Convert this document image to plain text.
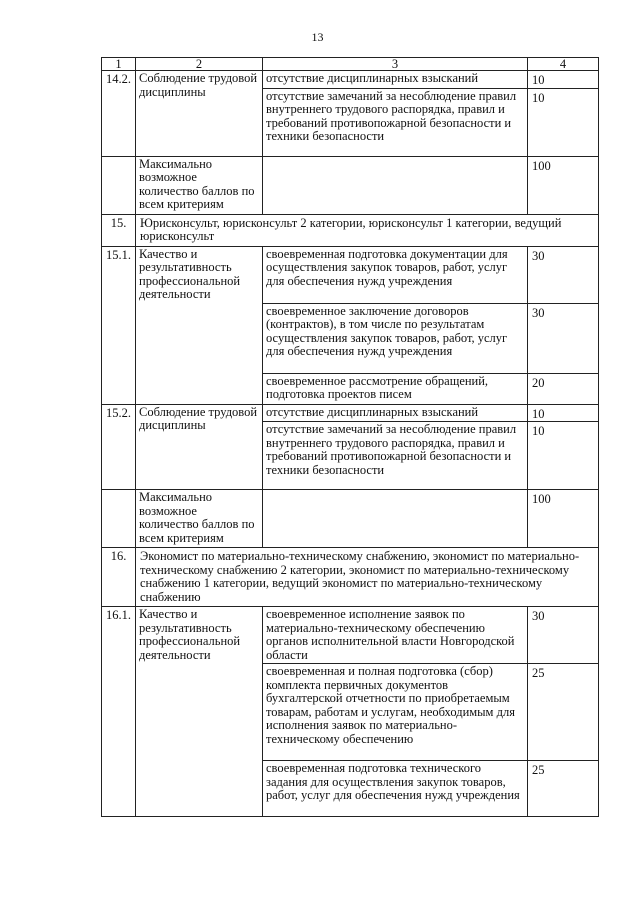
13
1	2	3	4
14.2.	Соблюдение трудовой дисциплины	отсутствие дисциплинарных взысканий	10
		отсутствие замечаний за несоблюдение правил внутреннего трудового распорядка, правил и требований противопожарной безопасности и техники безопасности	10
	Максимально возможное количество баллов по всем критериям		100
15.	Юрисконсульт, юрисконсульт 2 категории, юрисконсульт 1 категории, ведущий юрисконсульт		
15.1.	Качество и результативность профессиональной деятельности	своевременная подготовка документации для осуществления закупок товаров, работ, услуг для обеспечения нужд учреждения	30
		своевременное заключение договоров (контрактов), в том числе по результатам осуществления закупок товаров, работ, услуг для обеспечения нужд учреждения	30
		своевременное рассмотрение обращений, подготовка проектов писем	20
15.2.	Соблюдение трудовой дисциплины	отсутствие дисциплинарных взысканий	10
		отсутствие замечаний за несоблюдение правил внутреннего трудового распорядка, правил и требований противопожарной безопасности и техники безопасности	10
	Максимально возможное количество баллов по всем критериям		100
16.	Экономист по материально-техническому снабжению, экономист по материально-техническому снабжению 2 категории, экономист по материально-техническому снабжению 1 категории, ведущий экономист по материально-техническому снабжению		
16.1.	Качество и результативность профессиональной деятельности	своевременное исполнение заявок по материально-техническому обеспечению органов исполнительной власти Новгородской области	30
		своевременная и полная подготовка (сбор) комплекта первичных документов бухгалтерской отчетности по приобретаемым товарам, работам и услугам, необходимым для исполнения заявок по материально-техническому обеспечению	25
		своевременная подготовка технического задания для осуществления закупок товаров, работ, услуг для обеспечения нужд учреждения	25
